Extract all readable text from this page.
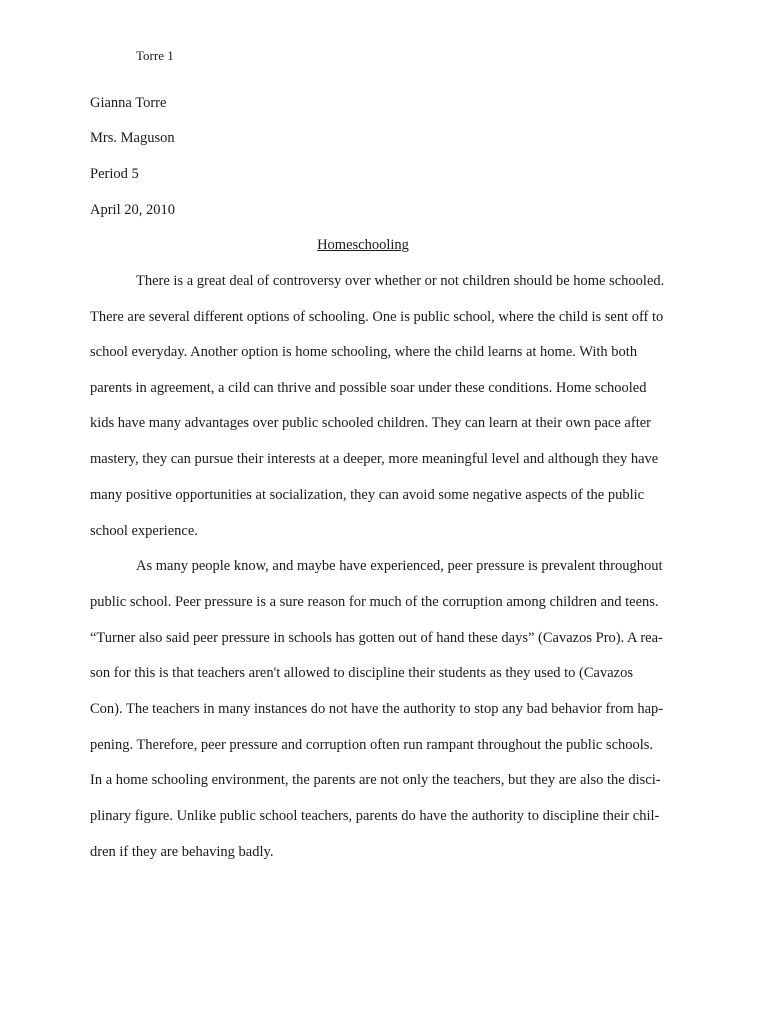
Torre 1
Gianna Torre
Mrs. Maguson
Period 5
April 20, 2010
Homeschooling
There is a great deal of controversy over whether or not children should be home schooled.
There are several different options of schooling. One is public school, where the child is sent off to
school everyday. Another option is home schooling, where the child learns at home. With both
parents in agreement, a cild can thrive and possible soar under these conditions. Home schooled
kids have many advantages over public schooled children. They can learn at their own pace after
mastery, they can pursue their interests at a deeper, more meaningful level and although they have
many positive opportunities at socialization, they can avoid some negative aspects of the public
school experience.
As many people know, and maybe have experienced, peer pressure is prevalent throughout
public school. Peer pressure is a sure reason for much of the corruption among children and teens.
“Turner also said peer pressure in schools has gotten out of hand these days” (Cavazos Pro). A rea-
son for this is that teachers aren't allowed to discipline their students as they used to (Cavazos
Con). The teachers in many instances do not have the authority to stop any bad behavior from hap-
pening. Therefore, peer pressure and corruption often run rampant throughout the public schools.
In a home schooling environment, the parents are not only the teachers, but they are also the disci-
plinary figure. Unlike public school teachers, parents do have the authority to discipline their chil-
dren if they are behaving badly.
